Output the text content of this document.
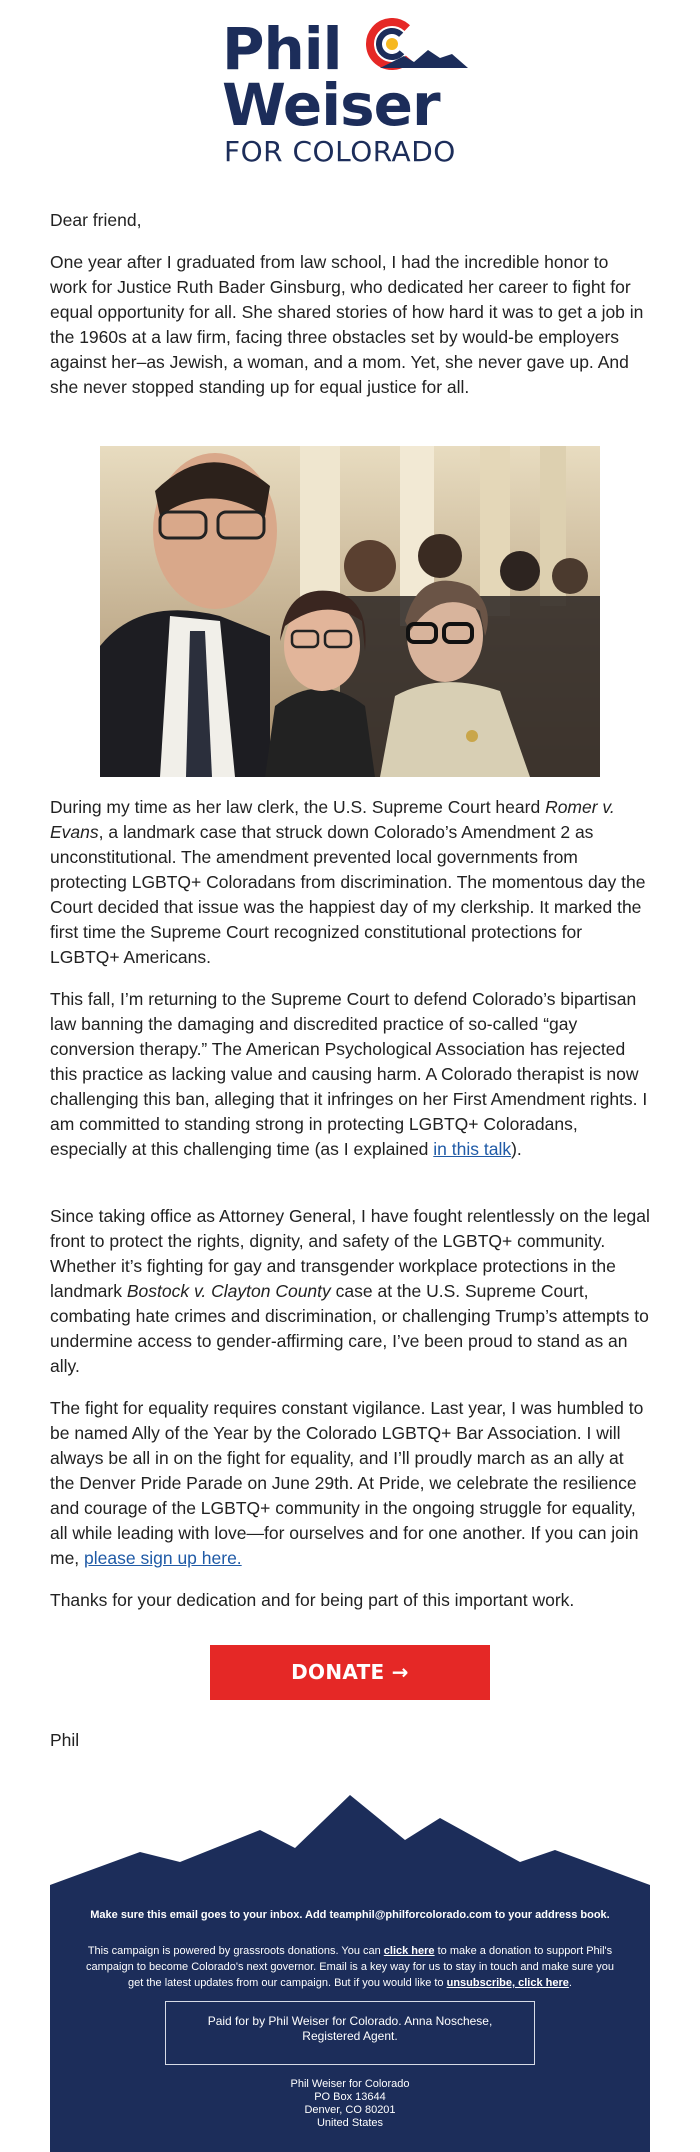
Phil
Weiser
FOR COLORADO

Dear friend,

One year after I graduated from law school, I had the incredible honor to work for Justice Ruth Bader Ginsburg, who dedicated her career to fight for equal opportunity for all. She shared stories of how hard it was to get a job in the 1960s at a law firm, facing three obstacles set by would-be employers against her–as Jewish, a woman, and a mom. Yet, she never gave up. And she never stopped standing up for equal justice for all.

During my time as her law clerk, the U.S. Supreme Court heard Romer v. Evans, a landmark case that struck down Colorado’s Amendment 2 as unconstitutional. The amendment prevented local governments from protecting LGBTQ+ Coloradans from discrimination. The momentous day the Court decided that issue was the happiest day of my clerkship. It marked the first time the Supreme Court recognized constitutional protections for LGBTQ+ Americans.

This fall, I’m returning to the Supreme Court to defend Colorado’s bipartisan law banning the damaging and discredited practice of so-called “gay conversion therapy.” The American Psychological Association has rejected this practice as lacking value and causing harm. A Colorado therapist is now challenging this ban, alleging that it infringes on her First Amendment rights. I am committed to standing strong in protecting LGBTQ+ Coloradans, especially at this challenging time (as I explained in this talk).

Since taking office as Attorney General, I have fought relentlessly on the legal front to protect the rights, dignity, and safety of the LGBTQ+ community. Whether it’s fighting for gay and transgender workplace protections in the landmark Bostock v. Clayton County case at the U.S. Supreme Court, combating hate crimes and discrimination, or challenging Trump’s attempts to undermine access to gender-affirming care, I’ve been proud to stand as an ally.

The fight for equality requires constant vigilance. Last year, I was humbled to be named Ally of the Year by the Colorado LGBTQ+ Bar Association. I will always be all in on the fight for equality, and I’ll proudly march as an ally at the Denver Pride Parade on June 29th. At Pride, we celebrate the resilience and courage of the LGBTQ+ community in the ongoing struggle for equality, all while leading with love—for ourselves and for one another. If you can join me, please sign up here.

Thanks for your dedication and for being part of this important work.

DONATE →
Phil
Make sure this email goes to your inbox. Add teamphil@philforcolorado.com to your address book.
This campaign is powered by grassroots donations. You can click here to make a donation to support Phil's campaign to become Colorado's next governor. Email is a key way for us to stay in touch and make sure you get the latest updates from our campaign. But if you would like to unsubscribe, click here.
Paid for by Phil Weiser for Colorado. Anna Noschese, Registered Agent.
Phil Weiser for Colorado
PO Box 13644
Denver, CO 80201
United States
